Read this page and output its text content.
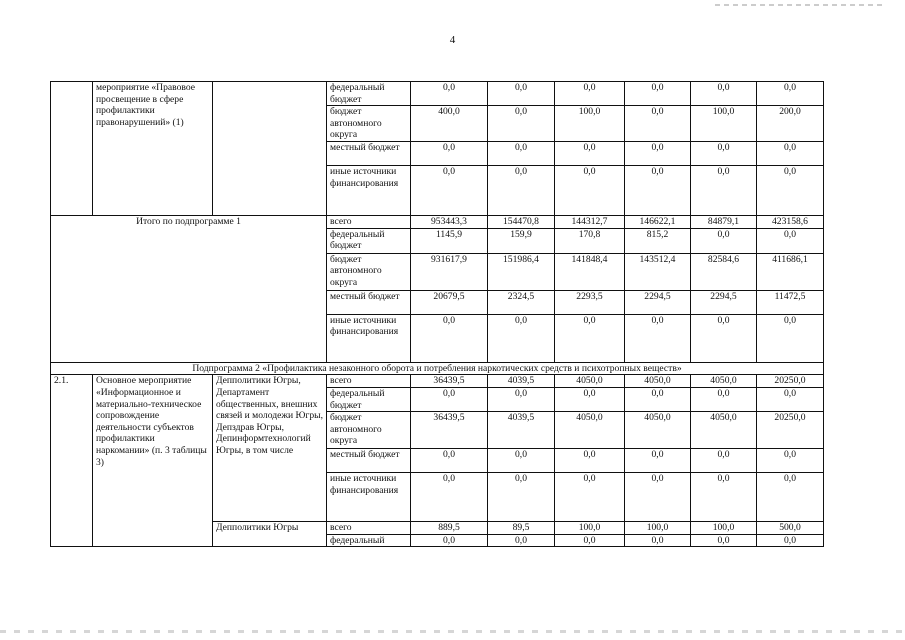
4
	мероприятие «Правовое просвещение в сфере профилактики правонарушений» (1)		федеральный бюджет	0,0	0,0	0,0	0,0	0,0	0,0
			бюджет автономного округа	400,0	0,0	100,0	0,0	100,0	200,0
			местный бюджет	0,0	0,0	0,0	0,0	0,0	0,0
			иные источники финансирования	0,0	0,0	0,0	0,0	0,0	0,0
Итого по подпрограмме 1			всего	953443,3	154470,8	144312,7	146622,1	84879,1	423158,6
			федеральный бюджет	1145,9	159,9	170,8	815,2	0,0	0,0
			бюджет автономного округа	931617,9	151986,4	141848,4	143512,4	82584,6	411686,1
			местный бюджет	20679,5	2324,5	2293,5	2294,5	2294,5	11472,5
			иные источники финансирования	0,0	0,0	0,0	0,0	0,0	0,0
Подпрограмма 2 «Профилактика незаконного оборота и потребления наркотических средств и психотропных веществ»									
2.1.	Основное мероприятие «Информационное и материально-техническое сопровождение деятельности субъектов профилактики наркомании» (п. 3 таблицы 3)	Депполитики Югры, Департамент общественных, внешних связей и молодежи Югры, Депздрав Югры, Депинформтехнологий Югры, в том числе	всего	36439,5	4039,5	4050,0	4050,0	4050,0	20250,0
			федеральный бюджет	0,0	0,0	0,0	0,0	0,0	0,0
			бюджет автономного округа	36439,5	4039,5	4050,0	4050,0	4050,0	20250,0
			местный бюджет	0,0	0,0	0,0	0,0	0,0	0,0
			иные источники финансирования	0,0	0,0	0,0	0,0	0,0	0,0
		Депполитики Югры	всего	889,5	89,5	100,0	100,0	100,0	500,0
			федеральный	0,0	0,0	0,0	0,0	0,0	0,0
